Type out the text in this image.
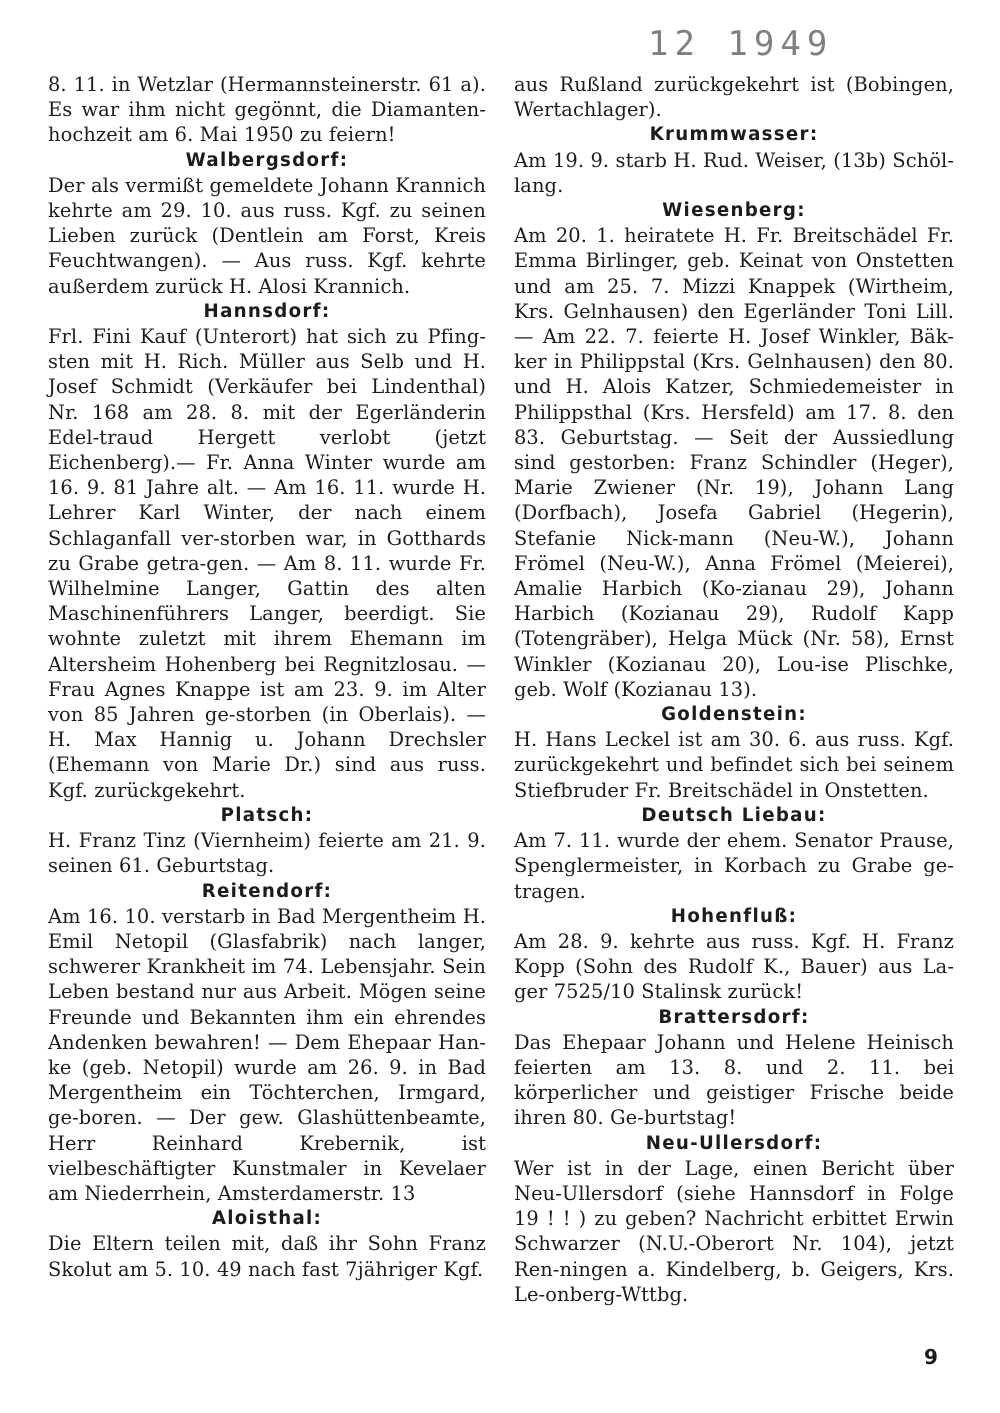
12 1949

8. 11. in Wetzlar (Hermannsteinerstr. 61 a). Es war ihm nicht gegönnt, die Diamanten-hochzeit am 6. Mai 1950 zu feiern!

Walbergsdorf:

Der als vermißt gemeldete Johann Krannich kehrte am 29. 10. aus russ. Kgf. zu seinen Lieben zurück (Dentlein am Forst, Kreis Feuchtwangen). — Aus russ. Kgf. kehrte außerdem zurück H. Alosi Krannich.

Hannsdorf:

Frl. Fini Kauf (Unterort) hat sich zu Pfing-sten mit H. Rich. Müller aus Selb und H. Josef Schmidt (Verkäufer bei Lindenthal) Nr. 168 am 28. 8. mit der Egerländerin Edel-traud Hergett verlobt (jetzt Eichenberg).— Fr. Anna Winter wurde am 16. 9. 81 Jahre alt. — Am 16. 11. wurde H. Lehrer Karl Winter, der nach einem Schlaganfall ver-storben war, in Gotthards zu Grabe getra-gen. — Am 8. 11. wurde Fr. Wilhelmine Langer, Gattin des alten Maschinenführers Langer, beerdigt. Sie wohnte zuletzt mit ihrem Ehemann im Altersheim Hohenberg bei Regnitzlosau. — Frau Agnes Knappe ist am 23. 9. im Alter von 85 Jahren ge-storben (in Oberlais). — H. Max Hannig u. Johann Drechsler (Ehemann von Marie Dr.) sind aus russ. Kgf. zurückgekehrt.

Platsch:

H. Franz Tinz (Viernheim) feierte am 21. 9. seinen 61. Geburtstag.

Reitendorf:

Am 16. 10. verstarb in Bad Mergentheim H. Emil Netopil (Glasfabrik) nach langer, schwerer Krankheit im 74. Lebensjahr. Sein Leben bestand nur aus Arbeit. Mögen seine Freunde und Bekannten ihm ein ehrendes Andenken bewahren! — Dem Ehepaar Han-ke (geb. Netopil) wurde am 26. 9. in Bad Mergentheim ein Töchterchen, Irmgard, ge-boren. — Der gew. Glashüttenbeamte, Herr Reinhard Krebernik, ist vielbeschäftigter Kunstmaler in Kevelaer am Niederrhein, Amsterdamerstr. 13

Aloisthal:

Die Eltern teilen mit, daß ihr Sohn Franz Skolut am 5. 10. 49 nach fast 7jähriger Kgf.

aus Rußland zurückgekehrt ist (Bobingen, Wertachlager).

Krummwasser:

Am 19. 9. starb H. Rud. Weiser, (13b) Schöl-lang.

Wiesenberg:

Am 20. 1. heiratete H. Fr. Breitschädel Fr. Emma Birlinger, geb. Keinat von Onstetten und am 25. 7. Mizzi Knappek (Wirtheim, Krs. Gelnhausen) den Egerländer Toni Lill. — Am 22. 7. feierte H. Josef Winkler, Bäk-ker in Philippstal (Krs. Gelnhausen) den 80. und H. Alois Katzer, Schmiedemeister in Philippsthal (Krs. Hersfeld) am 17. 8. den 83. Geburtstag. — Seit der Aussiedlung sind gestorben: Franz Schindler (Heger), Marie Zwiener (Nr. 19), Johann Lang (Dorfbach), Josefa Gabriel (Hegerin), Stefanie Nick-mann (Neu-W.), Johann Frömel (Neu-W.), Anna Frömel (Meierei), Amalie Harbich (Ko-zianau 29), Johann Harbich (Kozianau 29), Rudolf Kapp (Totengräber), Helga Mück (Nr. 58), Ernst Winkler (Kozianau 20), Lou-ise Plischke, geb. Wolf (Kozianau 13).

Goldenstein:

H. Hans Leckel ist am 30. 6. aus russ. Kgf. zurückgekehrt und befindet sich bei seinem Stiefbruder Fr. Breitschädel in Onstetten.

Deutsch Liebau:

Am 7. 11. wurde der ehem. Senator Prause, Spenglermeister, in Korbach zu Grabe ge-tragen.

Hohenfluß:

Am 28. 9. kehrte aus russ. Kgf. H. Franz Kopp (Sohn des Rudolf K., Bauer) aus La-ger 7525/10 Stalinsk zurück!

Brattersdorf:

Das Ehepaar Johann und Helene Heinisch feierten am 13. 8. und 2. 11. bei körperlicher und geistiger Frische beide ihren 80. Ge-burtstag!

Neu-Ullersdorf:

Wer ist in der Lage, einen Bericht über Neu-Ullersdorf (siehe Hannsdorf in Folge 19 ! ! ) zu geben? Nachricht erbittet Erwin Schwarzer (N.U.-Oberort Nr. 104), jetzt Ren-ningen a. Kindelberg, b. Geigers, Krs. Le-onberg-Wttbg.

9
